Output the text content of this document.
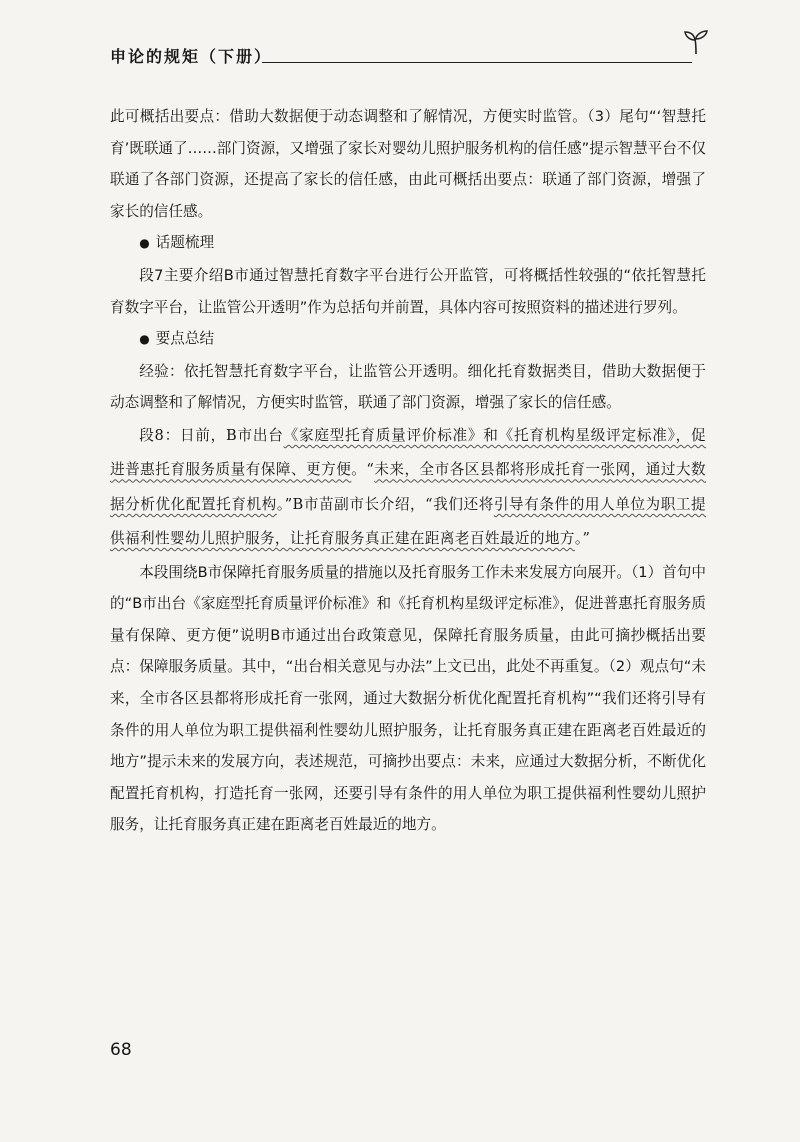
申论的规矩（下册）

此可概括出要点：借助大数据便于动态调整和了解情况，方便实时监管。（3）尾句“‘智慧托育’既联通了……部门资源，又增强了家长对婴幼儿照护服务机构的信任感”提示智慧平台不仅联通了各部门资源，还提高了家长的信任感，由此可概括出要点：联通了部门资源，增强了家长的信任感。

● 话题梳理

段7主要介绍B市通过智慧托育数字平台进行公开监管，可将概括性较强的“依托智慧托育数字平台，让监管公开透明”作为总括句并前置，具体内容可按照资料的描述进行罗列。

● 要点总结

经验：依托智慧托育数字平台，让监管公开透明。细化托育数据类目，借助大数据便于动态调整和了解情况，方便实时监管，联通了部门资源，增强了家长的信任感。

段8：日前，B市出台《家庭型托育质量评价标准》和《托育机构星级评定标准》，促进普惠托育服务质量有保障、更方便。“未来，全市各区县都将形成托育一张网，通过大数据分析优化配置托育机构。”B市苗副市长介绍，“我们还将引导有条件的用人单位为职工提供福利性婴幼儿照护服务，让托育服务真正建在距离老百姓最近的地方。”

本段围绕B市保障托育服务质量的措施以及托育服务工作未来发展方向展开。（1）首句中的“B市出台《家庭型托育质量评价标准》和《托育机构星级评定标准》，促进普惠托育服务质量有保障、更方便”说明B市通过出台政策意见，保障托育服务质量，由此可摘抄概括出要点：保障服务质量。其中，“出台相关意见与办法”上文已出，此处不再重复。（2）观点句“未来，全市各区县都将形成托育一张网，通过大数据分析优化配置托育机构”“我们还将引导有条件的用人单位为职工提供福利性婴幼儿照护服务，让托育服务真正建在距离老百姓最近的地方”提示未来的发展方向，表述规范，可摘抄出要点：未来，应通过大数据分析，不断优化配置托育机构，打造托育一张网，还要引导有条件的用人单位为职工提供福利性婴幼儿照护服务，让托育服务真正建在距离老百姓最近的地方。

68
